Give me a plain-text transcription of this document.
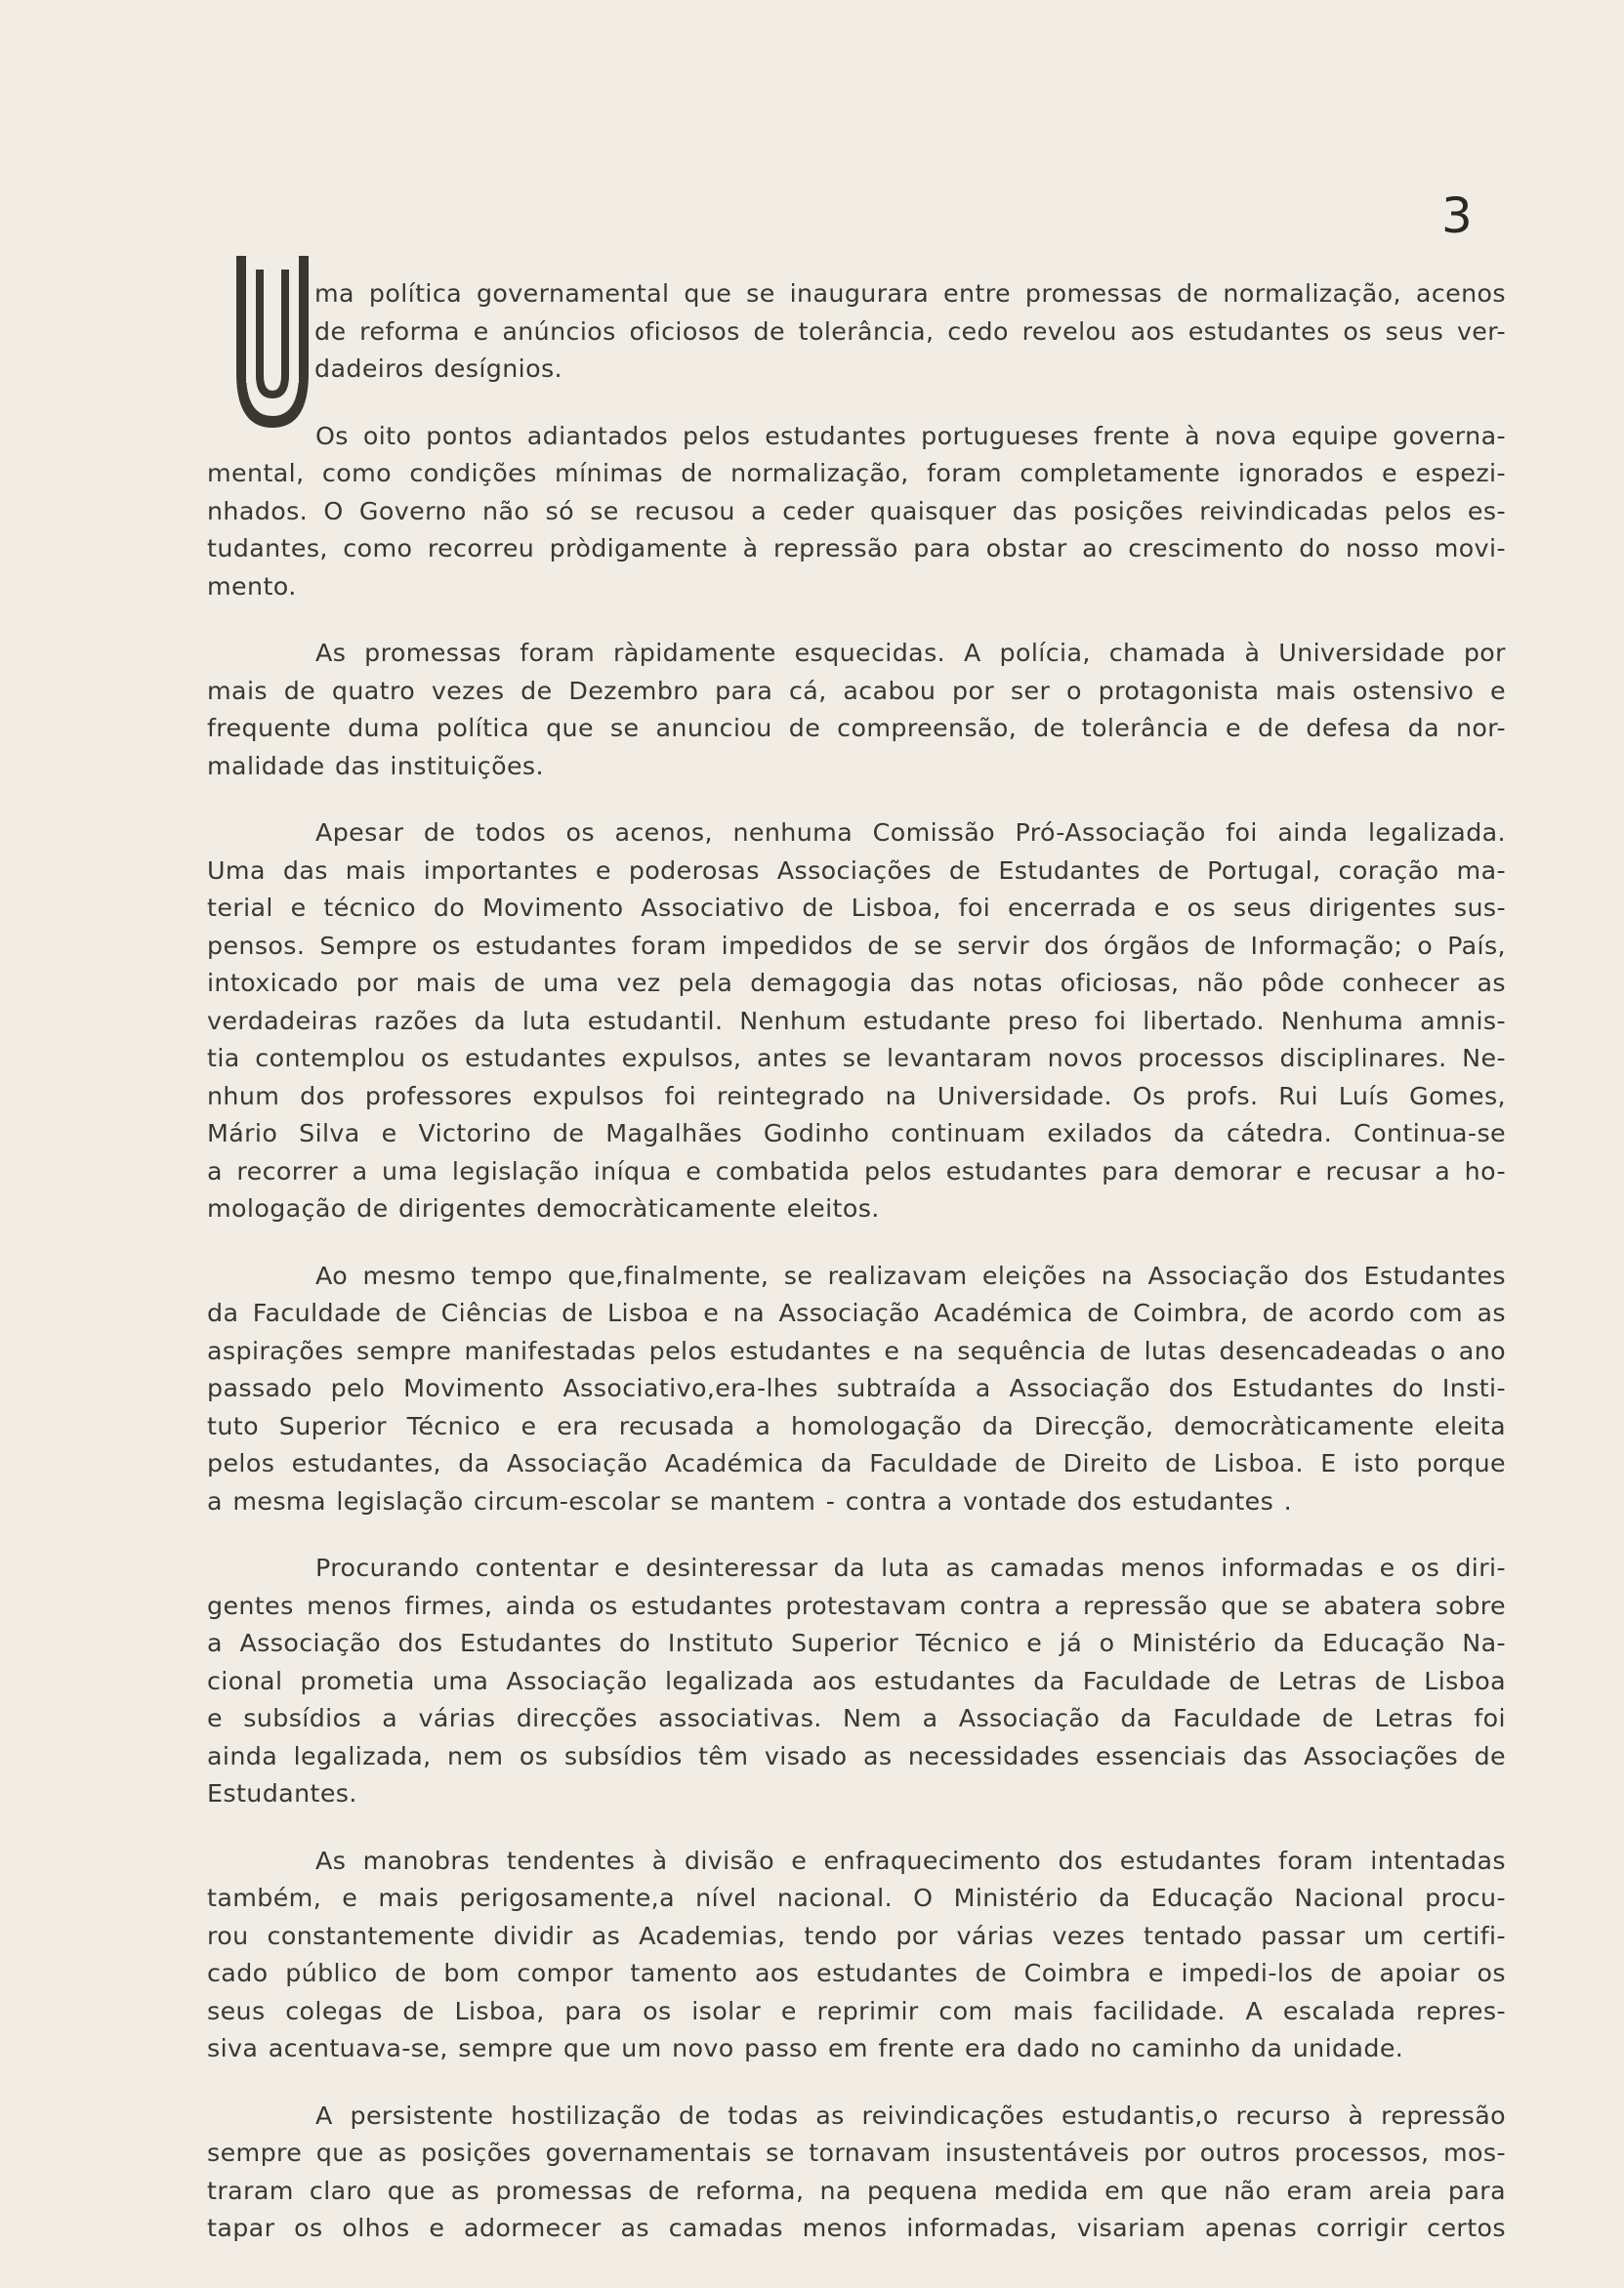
3

ma política governamental que se inaugurara entre promessas de normalização, acenos
de reforma e anúncios oficiosos de tolerância, cedo revelou aos estudantes os seus ver-
dadeiros desígnios.

Os oito pontos adiantados pelos estudantes portugueses frente à nova equipe governa-
mental, como condições mínimas de normalização, foram completamente ignorados e espezi-
nhados. O Governo não só se recusou a ceder quaisquer das posições reivindicadas pelos es-
tudantes, como recorreu pròdigamente à repressão para obstar ao crescimento do nosso movi-
mento.

As promessas foram ràpidamente esquecidas. A polícia, chamada à Universidade por
mais de quatro vezes de Dezembro para cá, acabou por ser o protagonista mais ostensivo e
frequente duma política que se anunciou de compreensão, de tolerância e de defesa da nor-
malidade das instituições.

Apesar de todos os acenos, nenhuma Comissão Pró-Associação foi ainda legalizada.
Uma das mais importantes e poderosas Associações de Estudantes de Portugal, coração ma-
terial e técnico do Movimento Associativo de Lisboa, foi encerrada e os seus dirigentes sus-
pensos. Sempre os estudantes foram impedidos de se servir dos órgãos de Informação; o País,
intoxicado por mais de uma vez pela demagogia das notas oficiosas, não pôde conhecer as
verdadeiras razões da luta estudantil. Nenhum estudante preso foi libertado. Nenhuma amnis-
tia contemplou os estudantes expulsos, antes se levantaram novos processos disciplinares. Ne-
nhum dos professores expulsos foi reintegrado na Universidade. Os profs. Rui Luís Gomes,
Mário Silva e Victorino de Magalhães Godinho continuam exilados da cátedra. Continua-se
a recorrer a uma legislação iníqua e combatida pelos estudantes para demorar e recusar a ho-
mologação de dirigentes democràticamente eleitos.

Ao mesmo tempo que,finalmente, se realizavam eleições na Associação dos Estudantes
da Faculdade de Ciências de Lisboa e na Associação Académica de Coimbra, de acordo com as
aspirações sempre manifestadas pelos estudantes e na sequência de lutas desencadeadas o ano
passado pelo Movimento Associativo,era-lhes subtraída a Associação dos Estudantes do Insti-
tuto Superior Técnico e era recusada a homologação da Direcção, democràticamente eleita
pelos estudantes, da Associação Académica da Faculdade de Direito de Lisboa. E isto porque
a mesma legislação circum-escolar se mantem - contra a vontade dos estudantes .

Procurando contentar e desinteressar da luta as camadas menos informadas e os diri-
gentes menos firmes, ainda os estudantes protestavam contra a repressão que se abatera sobre
a Associação dos Estudantes do Instituto Superior Técnico e já o Ministério da Educação Na-
cional prometia uma Associação legalizada aos estudantes da Faculdade de Letras de Lisboa
e subsídios a várias direcções associativas. Nem a Associação da Faculdade de Letras foi
ainda legalizada, nem os subsídios têm visado as necessidades essenciais das Associações de
Estudantes.

As manobras tendentes à divisão e enfraquecimento dos estudantes foram intentadas
também, e mais perigosamente,a nível nacional. O Ministério da Educação Nacional procu-
rou constantemente dividir as Academias, tendo por várias vezes tentado passar um certifi-
cado público de bom compor tamento aos estudantes de Coimbra e impedi-los de apoiar os
seus colegas de Lisboa, para os isolar e reprimir com mais facilidade. A escalada repres-
siva acentuava-se, sempre que um novo passo em frente era dado no caminho da unidade.

A persistente hostilização de todas as reivindicações estudantis,o recurso à repressão
sempre que as posições governamentais se tornavam insustentáveis por outros processos, mos-
traram claro que as promessas de reforma, na pequena medida em que não eram areia para
tapar os olhos e adormecer as camadas menos informadas, visariam apenas corrigir certos
